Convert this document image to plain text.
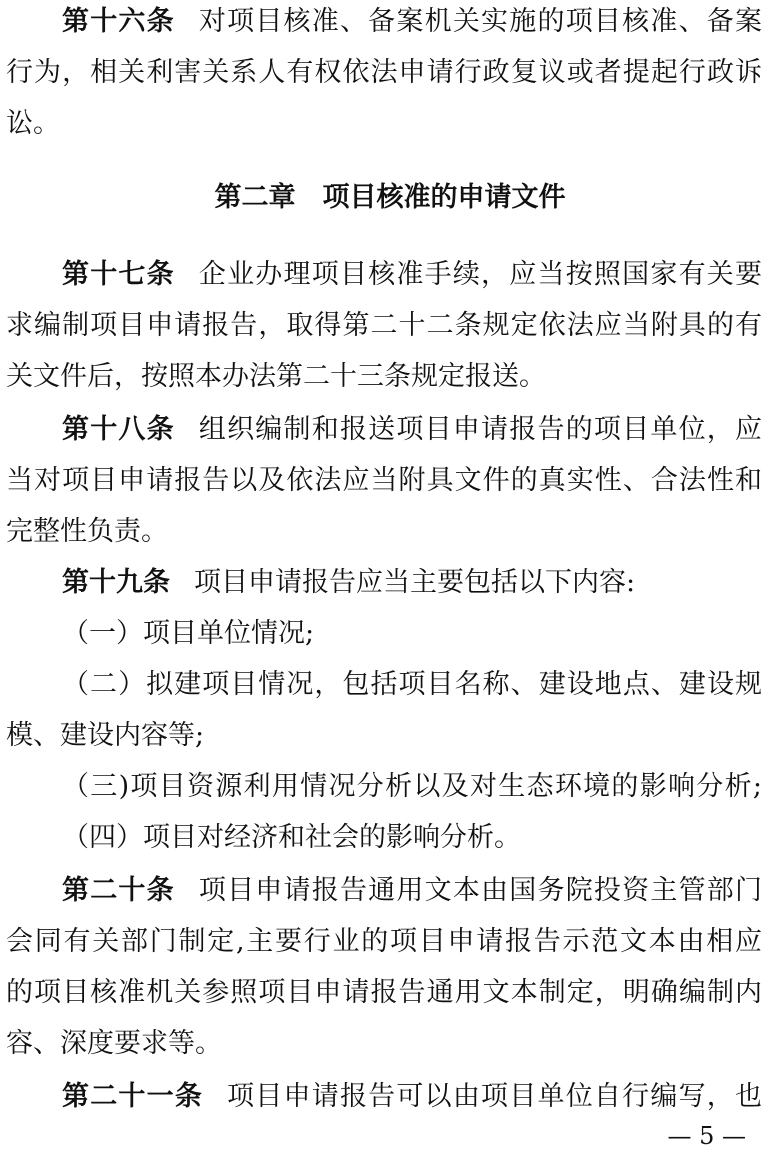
第十六条 对项目核准、备案机关实施的项目核准、备案
行为，相关利害关系人有权依法申请行政复议或者提起行政诉
讼。
第二章　项目核准的申请文件
第十七条 企业办理项目核准手续，应当按照国家有关要
求编制项目申请报告，取得第二十二条规定依法应当附具的有
关文件后，按照本办法第二十三条规定报送。
第十八条 组织编制和报送项目申请报告的项目单位，应
当对项目申请报告以及依法应当附具文件的真实性、合法性和
完整性负责。
第十九条 项目申请报告应当主要包括以下内容:
（一）项目单位情况;
（二）拟建项目情况，包括项目名称、建设地点、建设规
模、建设内容等;
（三)项目资源利用情况分析以及对生态环境的影响分析;
（四）项目对经济和社会的影响分析。
第二十条 项目申请报告通用文本由国务院投资主管部门
会同有关部门制定,主要行业的项目申请报告示范文本由相应
的项目核准机关参照项目申请报告通用文本制定，明确编制内
容、深度要求等。
第二十一条 项目申请报告可以由项目单位自行编写，也
— 5 —
